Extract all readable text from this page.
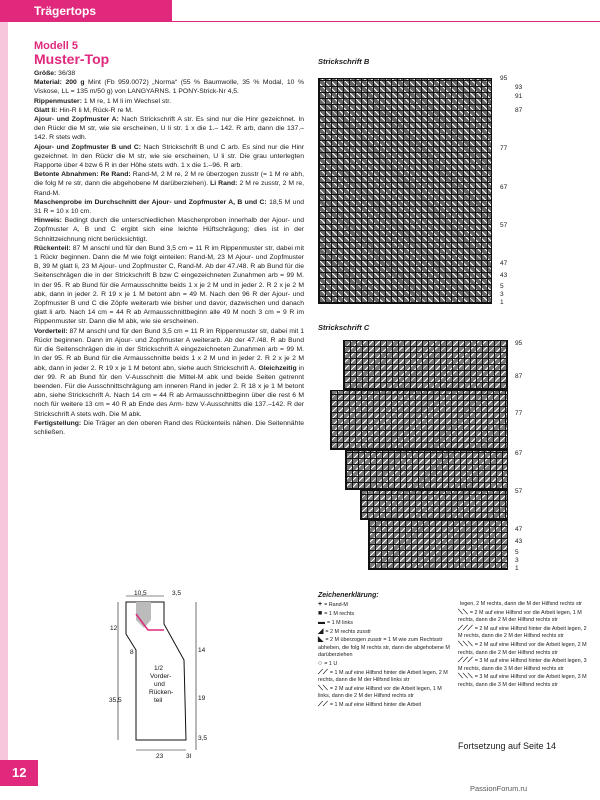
Trägertops
Modell 5
Muster-Top

Größe: 36/38

Material: 200 g Mint (Fb 959.0072) „Norma“ (55 % Baumwolle, 35 % Modal, 10 % Viskose, LL = 135 m/50 g) von LANGYARNS. 1 PONY-Strick-Nr 4,5.

Rippenmuster: 1 M re, 1 M li im Wechsel str.

Glatt li: Hin-R li M, Rück-R re M.

Ajour- und Zopfmuster A: Nach Strickschrift A str. Es sind nur die Hinr gezeichnet. In den Rückr die M str, wie sie erscheinen, U li str. 1 x die 1.– 142. R arb, dann die 137.–142. R stets wdh.

Ajour- und Zopfmuster B und C: Nach Strickschrift B und C arb. Es sind nur die Hinr gezeichnet. In den Rückr die M str, wie sie erscheinen, U li str. Die grau unterlegten Rapporte über 4 bzw 6 R in der Höhe stets wdh. 1 x die 1.–96. R arb.

Betonte Abnahmen: Re Rand: Rand-M, 2 M re, 2 M re überzogen zusstr (= 1 M re abh, die folg M re str, dann die abgehobene M darüberziehen). Li Rand: 2 M re zusstr, 2 M re, Rand-M.

Maschenprobe im Durchschnitt der Ajour- und Zopfmuster A, B und C: 18,5 M und 31 R = 10 x 10 cm.

Hinweis: Bedingt durch die unterschiedlichen Maschenproben innerhalb der Ajour- und Zopfmuster A, B und C ergibt sich eine leichte Hüftschrägung; dies ist in der Schnittzeichnung nicht berücksichtigt.

Rückenteil: 87 M anschl und für den Bund 3,5 cm = 11 R im Rippenmuster str, dabei mit 1 Rückr beginnen. Dann die M wie folgt einteilen: Rand-M, 23 M Ajour- und Zopfmuster B, 39 M glatt li, 23 M Ajour- und Zopfmuster C, Rand-M. Ab der 47./48. R ab Bund für die Seitenschrägen die in der Strickschrift B bzw C eingezeichneten Zunahmen arb = 99 M. In der 95. R ab Bund für die Armausschnitte beids 1 x je 2 M und in jeder 2. R 2 x je 2 M abk, dann in jeder 2. R 19 x je 1 M betont abn = 49 M. Nach den 96 R der Ajour- und Zopfmuster B und C die Zöpfe weiterarb wie bisher und davor, dazwischen und danach glatt li arb. Nach 14 cm = 44 R ab Armausschnittbeginn alle 49 M noch 3 cm = 9 R im Rippenmuster str. Dann die M abk, wie sie erscheinen.

Vorderteil: 87 M anschl und für den Bund 3,5 cm = 11 R im Rippenmuster str, dabei mit 1 Rückr beginnen. Dann im Ajour- und Zopfmuster A weiterarb. Ab der 47./48. R ab Bund für die Seitenschrägen die in der Strickschrift A eingezeichneten Zunahmen arb = 99 M. In der 95. R ab Bund für die Armausschnitte beids 1 x 2 M und in jeder 2. R 2 x je 2 M abk, dann in jeder 2. R 19 x je 1 M betont abn, siehe auch Strickschrift A. Gleichzeitig in der 99. R ab Bund für den V-Ausschnitt die Mittel-M abk und beide Seiten getrennt beenden. Für die Ausschnittschrägung am inneren Rand in jeder 2. R 18 x je 1 M betont abn, siehe Strickschrift A. Nach 14 cm = 44 R ab Armausschnittbeginn über die rest 6 M noch für weitere 13 cm = 40 R ab Ende des Arm- bzw V-Ausschnitts die 137.–142. R der Strickschrift A stets wdh. Die M abk.

Fertigstellung: Die Träger an den oberen Rand des Rückenteils nähen. Die Seitennähte schließen.

Strickschrift B
95
93
91
87
77
67
57
47
43
5
3
1
Strickschrift C
95
87
77
67
57
47
43
5
3
1
10,5	3,5
12
35,5
8	14
19
3,5
1/2
Vorder-
und
Rücken-
teil
23	3l
Zeichenerklärung:
+ = Rand-M
■ = 1 M rechts
▬ = 1 M links
◢ = 2 M rechts zusstr
◣ = 2 M überzogen zusstr = 1 M wie zum Rechtsstr abheben, die folg M rechts str, dann die abgehobene M darüberziehen
○ = 1 U
⟋⟋ = 1 M auf eine Hilfsnd hinter die Arbeit legen, 2 M rechts, dann die M der Hilfsnd links str
⟍⟍ = 2 M auf eine Hilfsnd vor die Arbeit legen, 1 M links, dann die 2 M der Hilfsnd rechts str
⟋⟋ = 1 M auf eine Hilfsnd hinter die Arbeit
legen, 2 M rechts, dann die M der Hilfsnd rechts str
⟍⟍ = 2 M auf eine Hilfsnd vor die Arbeit legen, 1 M rechts, dann die 2 M der Hilfsnd rechts str
⟋⟋⟋ = 2 M auf eine Hilfsnd hinter die Arbeit legen, 2 M rechts, dann die 2 M der Hilfsnd rechts str
⟍⟍⟍ = 2 M auf eine Hilfsnd vor die Arbeit legen, 2 M rechts, dann die 2 M der Hilfsnd rechts str
⟋⟋⟋ = 3 M auf eine Hilfsnd hinter die Arbeit legen, 3 M rechts, dann die 3 M der Hilfsnd rechts str
⟍⟍⟍ = 3 M auf eine Hilfsnd vor die Arbeit legen, 3 M rechts, dann die 3 M der Hilfsnd rechts str
Fortsetzung auf Seite 14
12
PassionForum.ru
